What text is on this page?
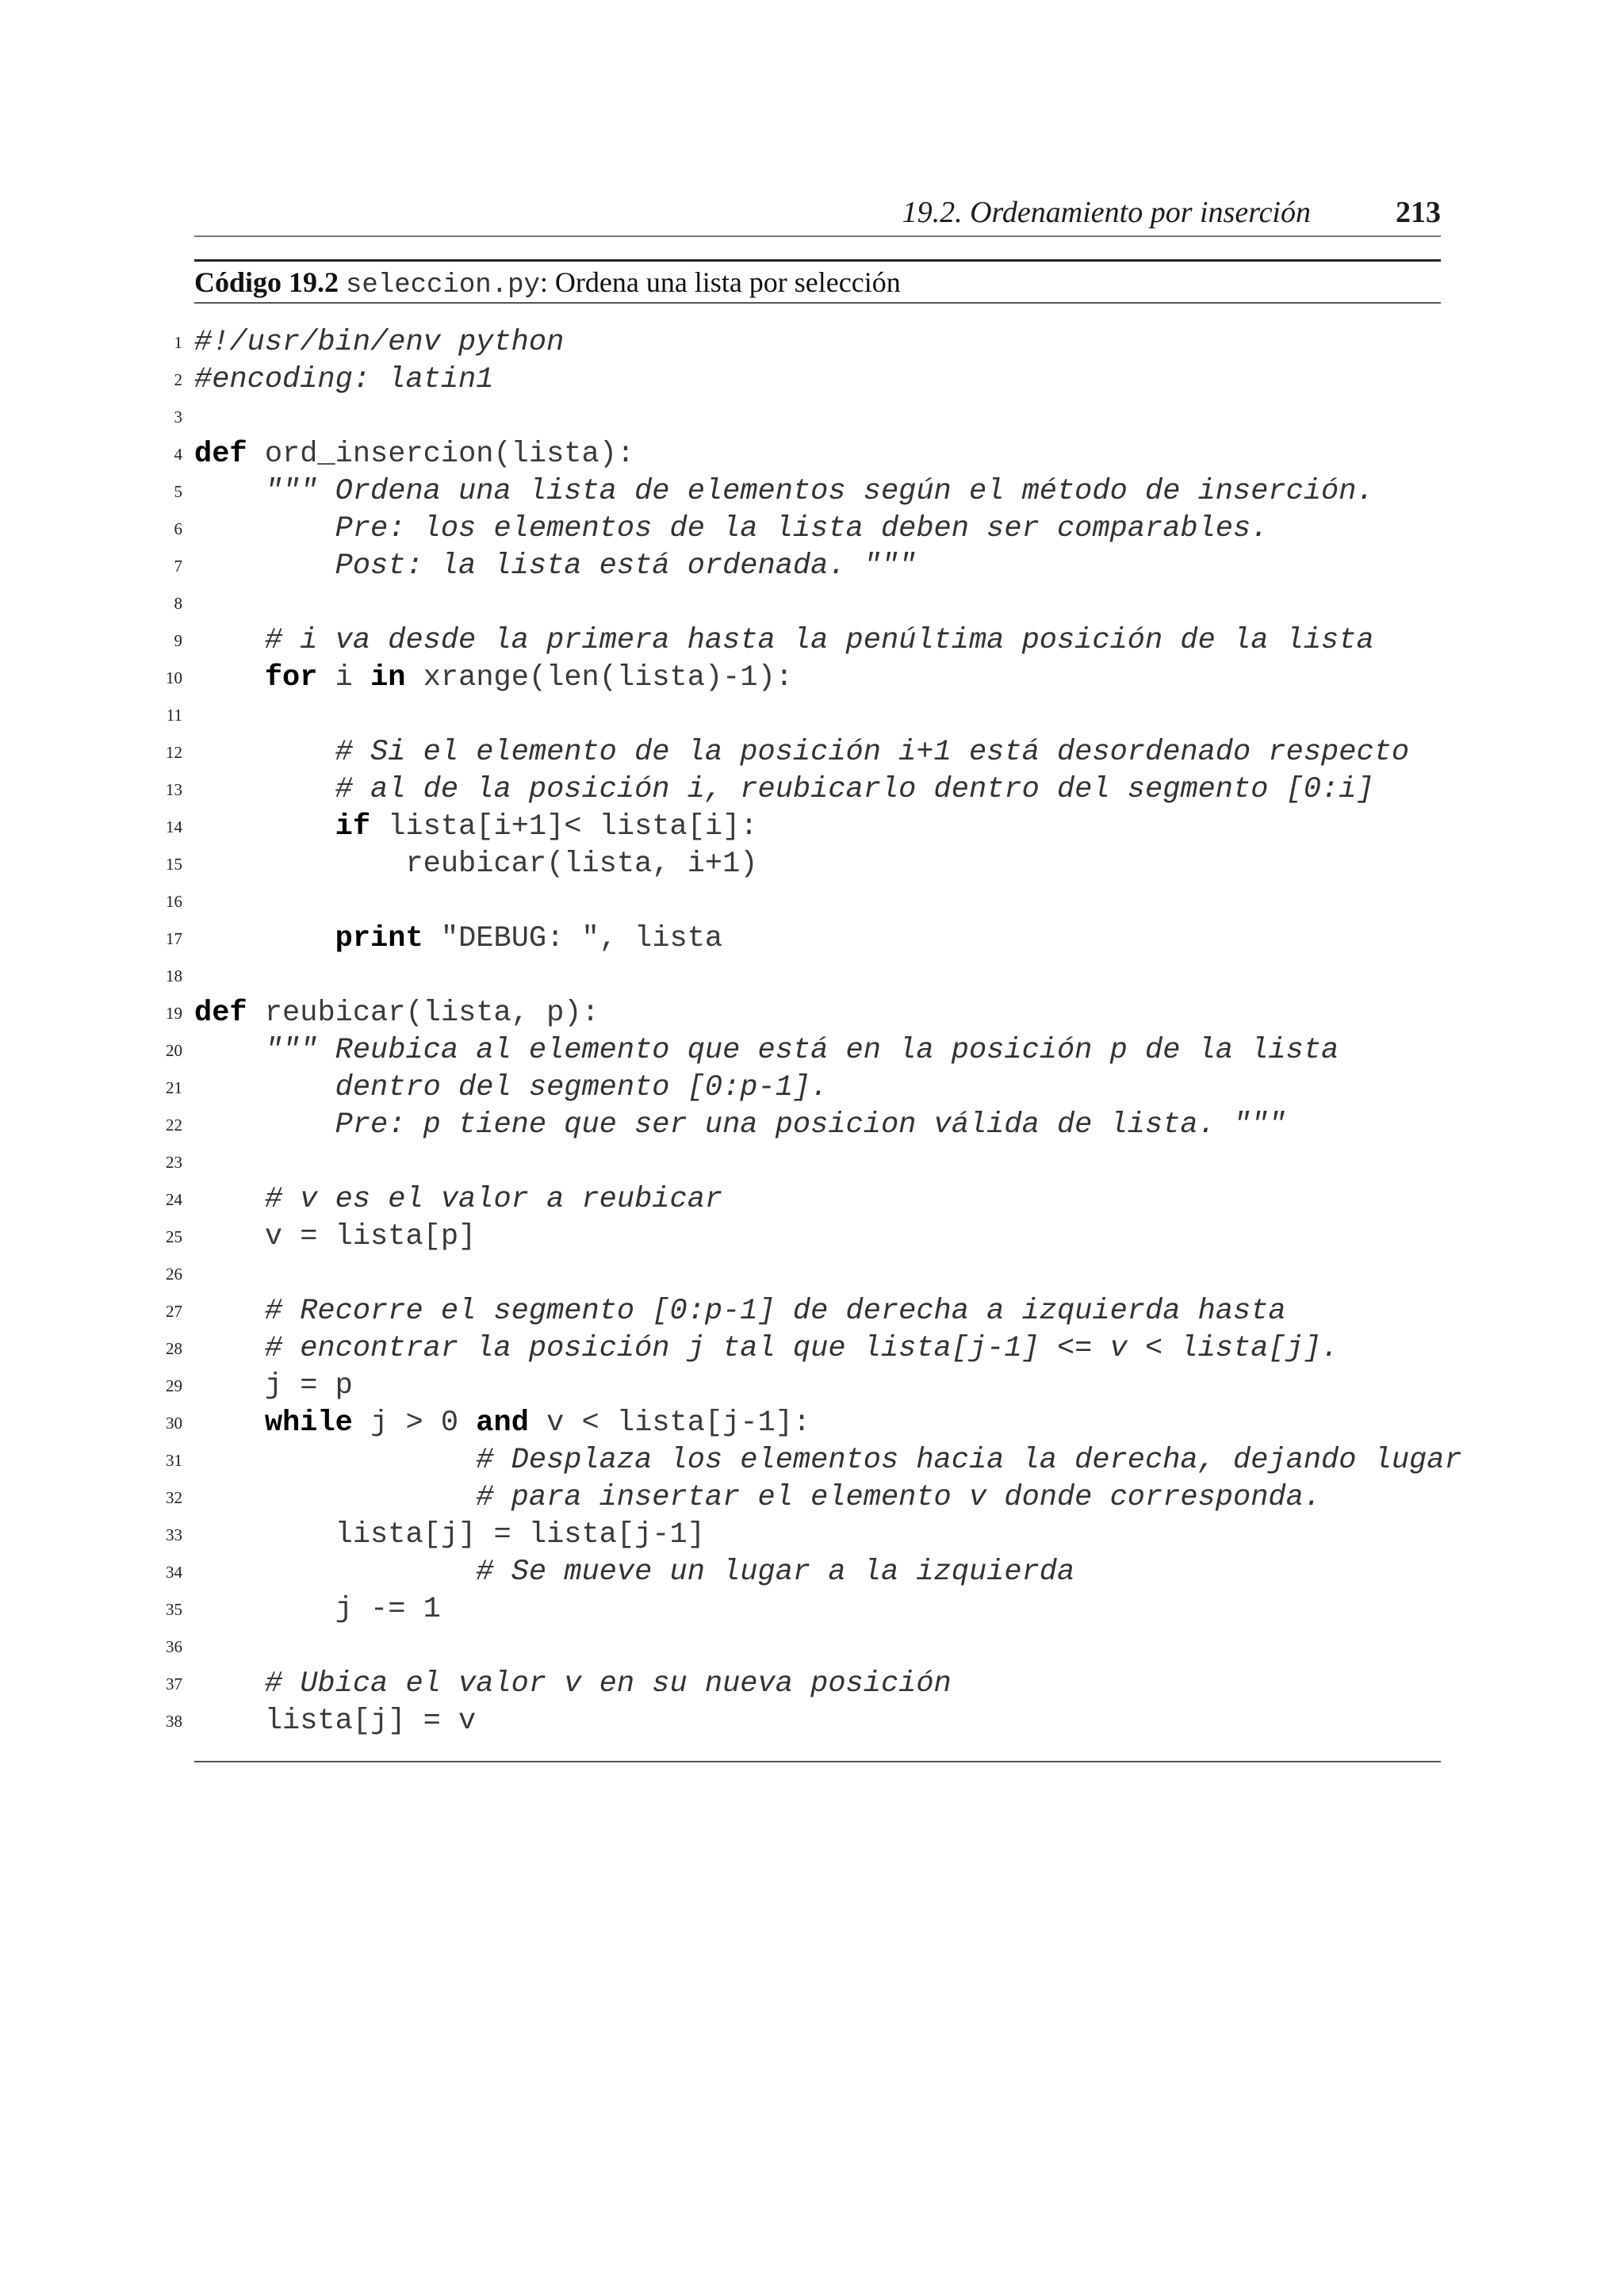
19.2. Ordenamiento por inserción	213
Código 19.2 seleccion.py: Ordena una lista por selección
1 #!/usr/bin/env python
2 #encoding: latin1
3
4 def ord_insercion(lista):
5 """ Ordena una lista de elementos según el método de inserción.
6 Pre: los elementos de la lista deben ser comparables.
7 Post: la lista está ordenada. """
8
9 # i va desde la primera hasta la penúltima posición de la lista
10	for i in xrange(len(lista)-1):
11
12 # Si el elemento de la posición i+1 está desordenado respecto
13 # al de la posición i, reubicarlo dentro del segmento [0:i]
14	if lista[i+1]< lista[i]:
15 reubicar(lista, i+1)
16
17	print "DEBUG: ", lista
18
19 def reubicar(lista, p):
20 """ Reubica al elemento que está en la posición p de la lista
21 dentro del segmento [0:p-1].
22 Pre: p tiene que ser una posicion válida de lista. """
23
24 # v es el valor a reubicar
25 v = lista[p]
26
27 # Recorre el segmento [0:p-1] de derecha a izquierda hasta
28 # encontrar la posición j tal que lista[j-1] <= v < lista[j].
29 j = p
30	while j > 0 and v < lista[j-1]:
31 # Desplaza los elementos hacia la derecha, dejando lugar
32 # para insertar el elemento v donde corresponda.
33 lista[j] = lista[j-1]
34 # Se mueve un lugar a la izquierda
35 j -= 1
36
37 # Ubica el valor v en su nueva posición
38 lista[j] = v
